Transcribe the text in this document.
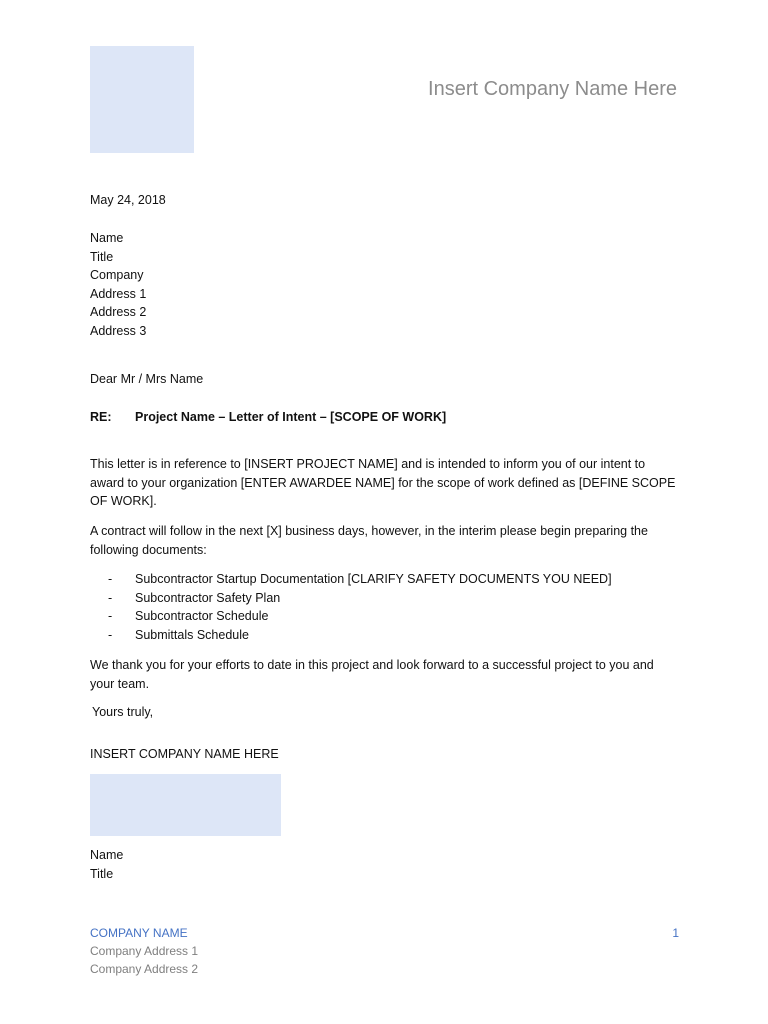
Insert Company Name Here
May 24, 2018
Name
Title
Company
Address 1
Address 2
Address 3
Dear Mr / Mrs Name
RE: Project Name – Letter of Intent – [SCOPE OF WORK]
This letter is in reference to [INSERT PROJECT NAME] and is intended to inform you of our intent to award to your organization [ENTER AWARDEE NAME] for the scope of work defined as [DEFINE SCOPE OF WORK].
A contract will follow in the next [X] business days, however, in the interim please begin preparing the following documents:
- Subcontractor Startup Documentation [CLARIFY SAFETY DOCUMENTS YOU NEED]
- Subcontractor Safety Plan
- Subcontractor Schedule
- Submittals Schedule
We thank you for your efforts to date in this project and look forward to a successful project to you and your team.
Yours truly,
INSERT COMPANY NAME HERE
Name
Title
COMPANY NAME
Company Address 1
Company Address 2
1
